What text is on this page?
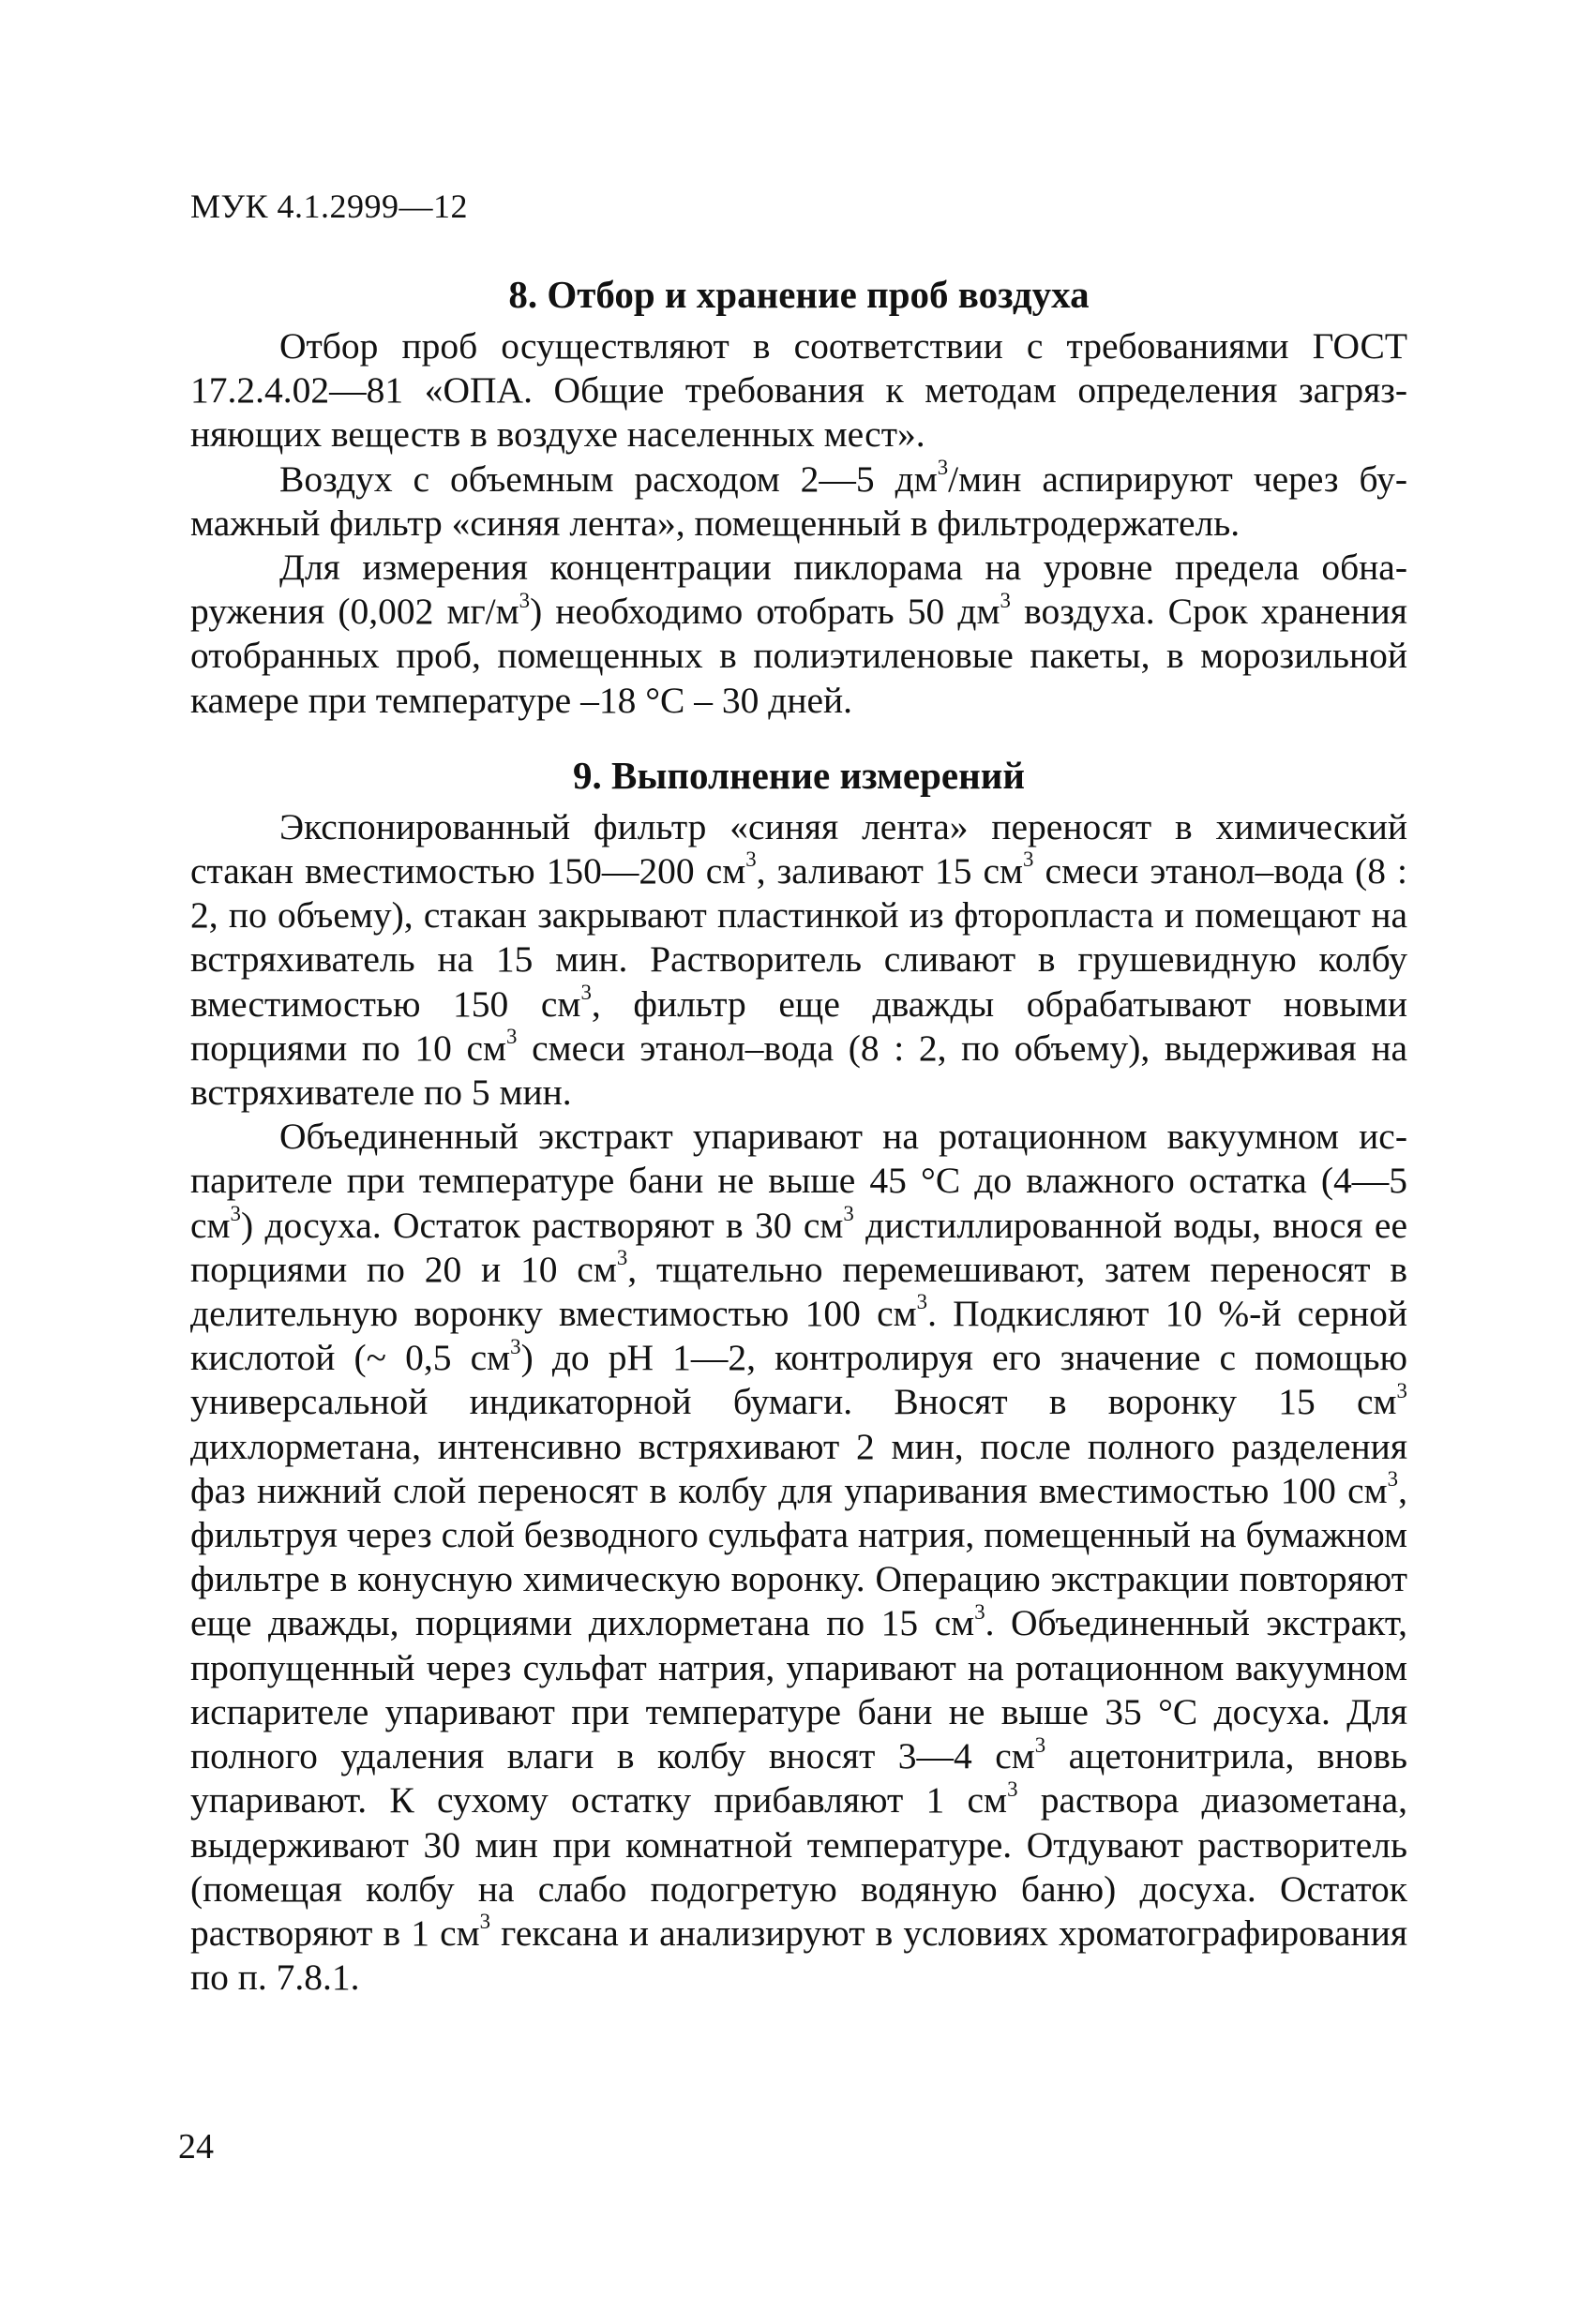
МУК 4.1.2999—12
8. Отбор и хранение проб воздуха

Отбор проб осуществляют в соответствии с требованиями ГОСТ 17.2.4.02—81 «ОПА. Общие требования к методам определения загрязняющих веществ в воздухе населенных мест».

Воздух с объемным расходом 2—5 $дм^3$/мин аспирируют через бумажный фильтр «синяя лента», помещенный в фильтродержатель.

Для измерения концентрации пиклорама на уровне предела обнаружения (0,002 $мг/м^3$) необходимо отобрать 50 $дм^3$ воздуха. Срок хранения отобранных проб, помещенных в полиэтиленовые пакеты, в морозильной камере при температуре –18 °С – 30 дней.

9. Выполнение измерений

Экспонированный фильтр «синяя лента» переносят в химический стакан вместимостью 150—200 $см^3$, заливают 15 $см^3$ смеси этанол–вода (8 : 2, по объему), стакан закрывают пластинкой из фторопласта и помещают на встряхиватель на 15 мин. Растворитель сливают в грушевидную колбу вместимостью 150 $см^3$, фильтр еще дважды обрабатывают новыми порциями по 10 $см^3$ смеси этанол–вода (8 : 2, по объему), выдерживая на встряхивателе по 5 мин.

Объединенный экстракт упаривают на ротационном вакуумном испарителе при температуре бани не выше 45 °С до влажного остатка (4—5 $см^3$) досуха. Остаток растворяют в 30 $см^3$ дистиллированной воды, внося ее порциями по 20 и 10 $см^3$, тщательно перемешивают, затем переносят в делительную воронку вместимостью 100 $см^3$. Подкисляют 10 %-й серной кислотой (~ 0,5 $см^3$) до рН 1—2, контролируя его значение с помощью универсальной индикаторной бумаги. Вносят в воронку 15 $см^3$ дихлорметана, интенсивно встряхивают 2 мин, после полного разделения фаз нижний слой переносят в колбу для упаривания вместимостью 100 $см^3$, фильтруя через слой безводного сульфата натрия, помещенный на бумажном фильтре в конусную химическую воронку. Операцию экстракции повторяют еще дважды, порциями дихлорметана по 15 $см^3$. Объединенный экстракт, пропущенный через сульфат натрия, упаривают на ротационном вакуумном испарителе упаривают при температуре бани не выше 35 °С досуха. Для полного удаления влаги в колбу вносят 3—4 $см^3$ ацетонитрила, вновь упаривают. К сухому остатку прибавляют 1 $см^3$ раствора диазометана, выдерживают 30 мин при комнатной температуре. Отдувают растворитель (помещая колбу на слабо подогретую водяную баню) досуха. Остаток растворяют в 1 $см^3$ гексана и анализируют в условиях хроматографирования по п. 7.8.1.

24
